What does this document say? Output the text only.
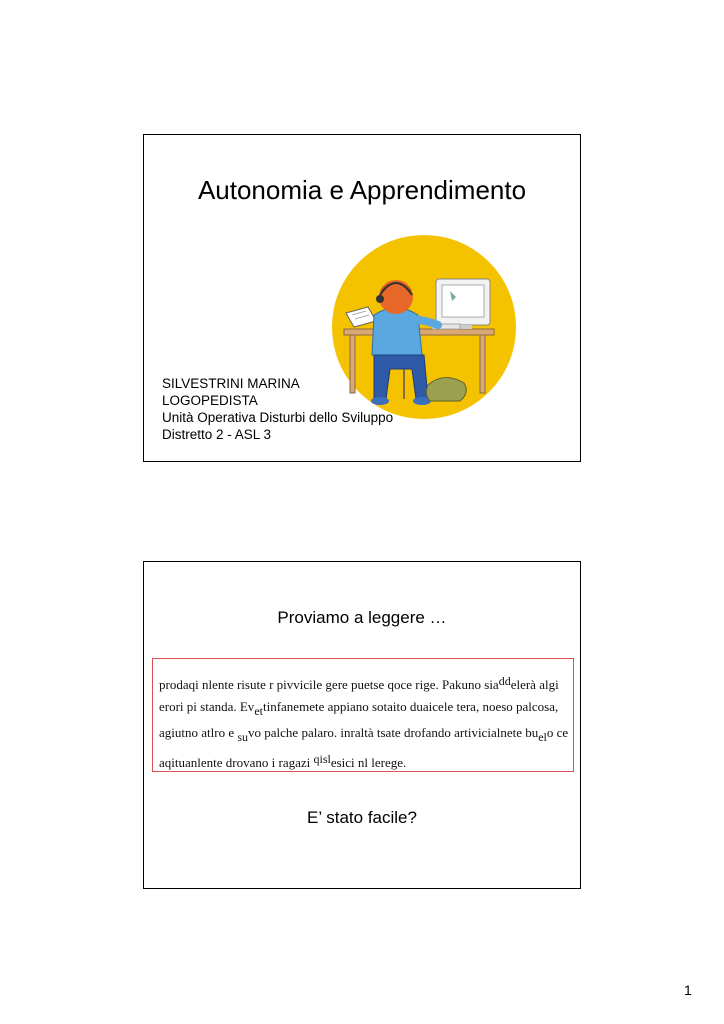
Autonomia e Apprendimento
SILVESTRINI MARINA
LOGOPEDISTA
Unità Operativa Disturbi dello Sviluppo
Distretto 2 - ASL 3
Proviamo a leggere …
prodaqi nlente risute r pivvicile gere puetse qoce rige. Pakuno sia$^{dd}$elerà algi
erori pi standa. $Ev_{et}tinfanemete$ appiano sotaito duaicele tera, noeso palcosa,
agiutno atlro e $_{su}$vo palche palaro. inraltà tsate drofando artivicialnete $bu_{el}o$ ce
aqituanlente drovano i ragazi $^{qisl}$esici nl lerege.
E’ stato facile?
1
